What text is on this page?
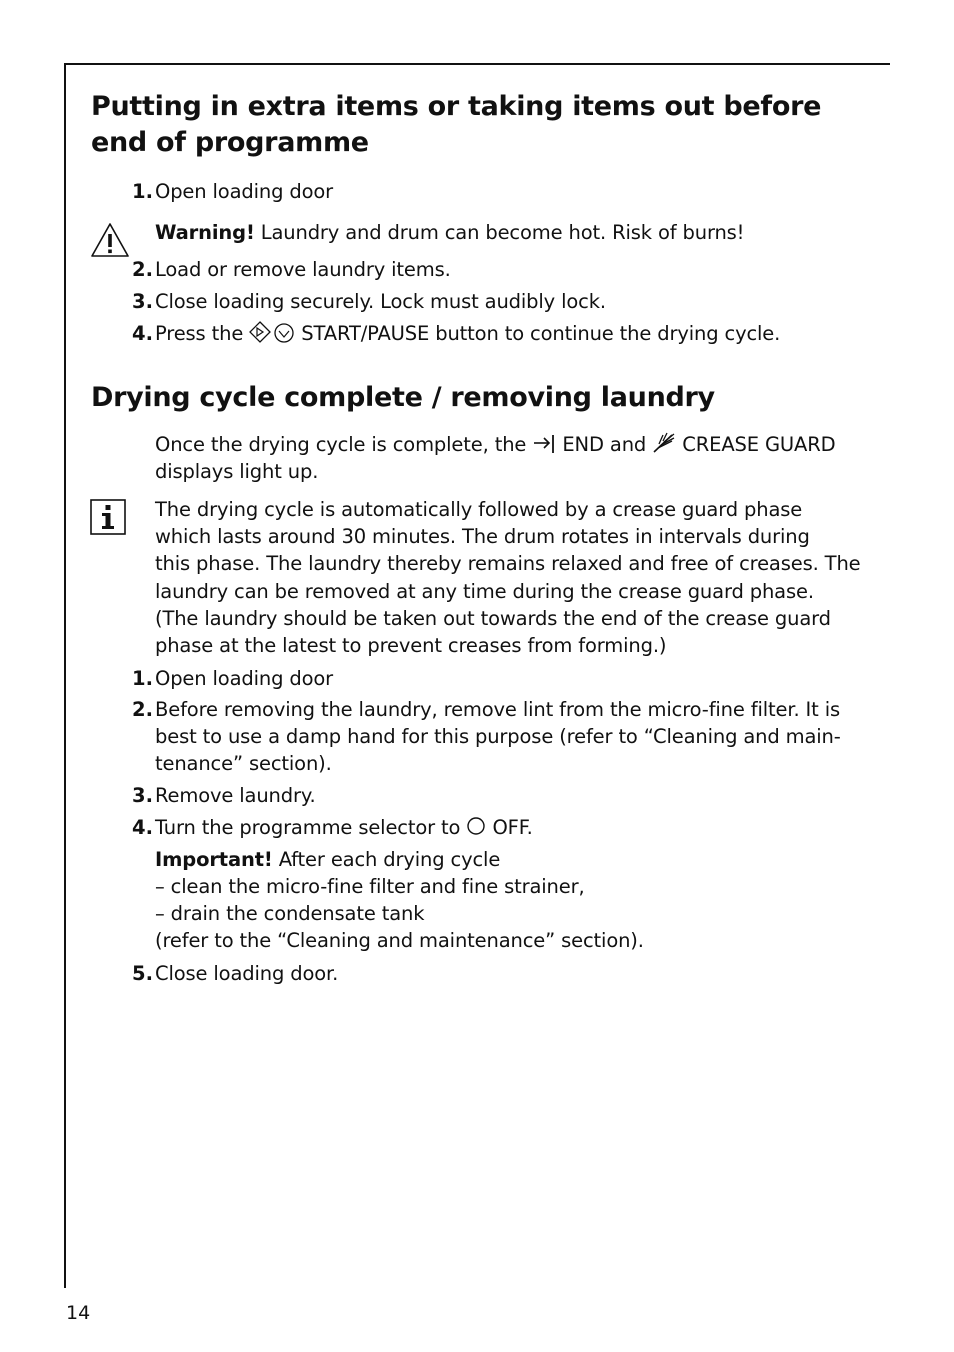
Putting in extra items or taking items out before end of programme
1. Open loading door
Warning! Laundry and drum can become hot. Risk of burns!
2. Load or remove laundry items.
3. Close loading securely. Lock must audibly lock.
4. Press the	START/PAUSE button to continue the drying cycle.
Drying cycle complete / removing laundry
Once the drying cycle is complete, the END and CREASE GUARD
displays light up.
The drying cycle is automatically followed by a crease guard phase
which lasts around 30 minutes. The drum rotates in intervals during
this phase. The laundry thereby remains relaxed and free of creases. The
laundry can be removed at any time during the crease guard phase.
(The laundry should be taken out towards the end of the crease guard
phase at the latest to prevent creases from forming.)
1. Open loading door
2. Before removing the laundry, remove lint from the micro-fine filter. It is
best to use a damp hand for this purpose (refer to “Cleaning and main-
tenance” section).
3. Remove laundry.
4. Turn the programme selector to OFF.
Important! After each drying cycle
– clean the micro-fine filter and fine strainer,
– drain the condensate tank
(refer to the “Cleaning and maintenance” section).
5. Close loading door.
14
